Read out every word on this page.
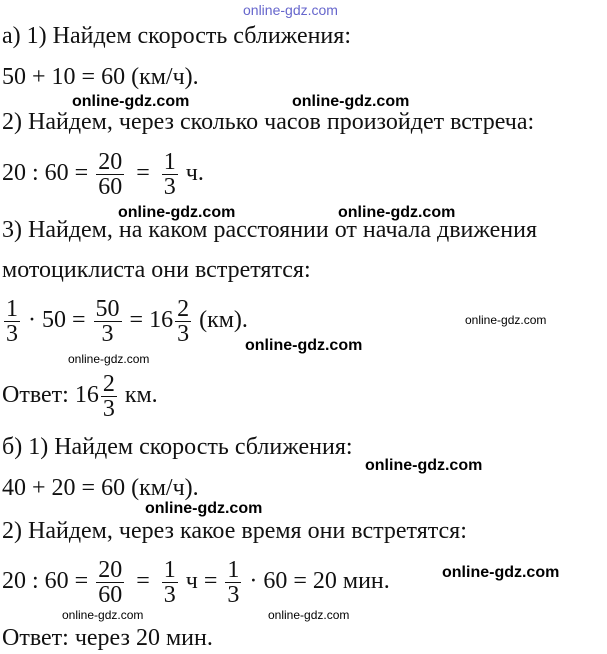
online-gdz.com
online-gdz.com	online-gdz.com
online-gdz.com	online-gdz.com
online-gdz.com
online-gdz.com
online-gdz.com
online-gdz.com
online-gdz.com
online-gdz.com
online-gdz.com	online-gdz.com
а) 1) Найдем скорость сближения:
50 + 10 = 60 (км/ч).
2) Найдем, через сколько часов произойдет встреча:
20 : $60 = \frac{20}{60} = \frac{1}{3} ч$.
3) Найдем, на каком расстоянии от начала движения
мотоциклиста они встретятся:
$\frac{1}{3} \cdot 50 = \frac{50}{3} = 16 \frac{2}{3} (км)$.
Ответ: $16 \frac{2}{3}$ км.
б) 1) Найдем скорость сближения:
40 + 20 = 60 (км/ч).
2) Найдем, через какое время они встретятся:
20 : $60 = \frac{20}{60} = \frac{1}{3}$ $ч = \frac{1}{3} \cdot 60 = 20$ мин.
Ответ: через 20 мин.
